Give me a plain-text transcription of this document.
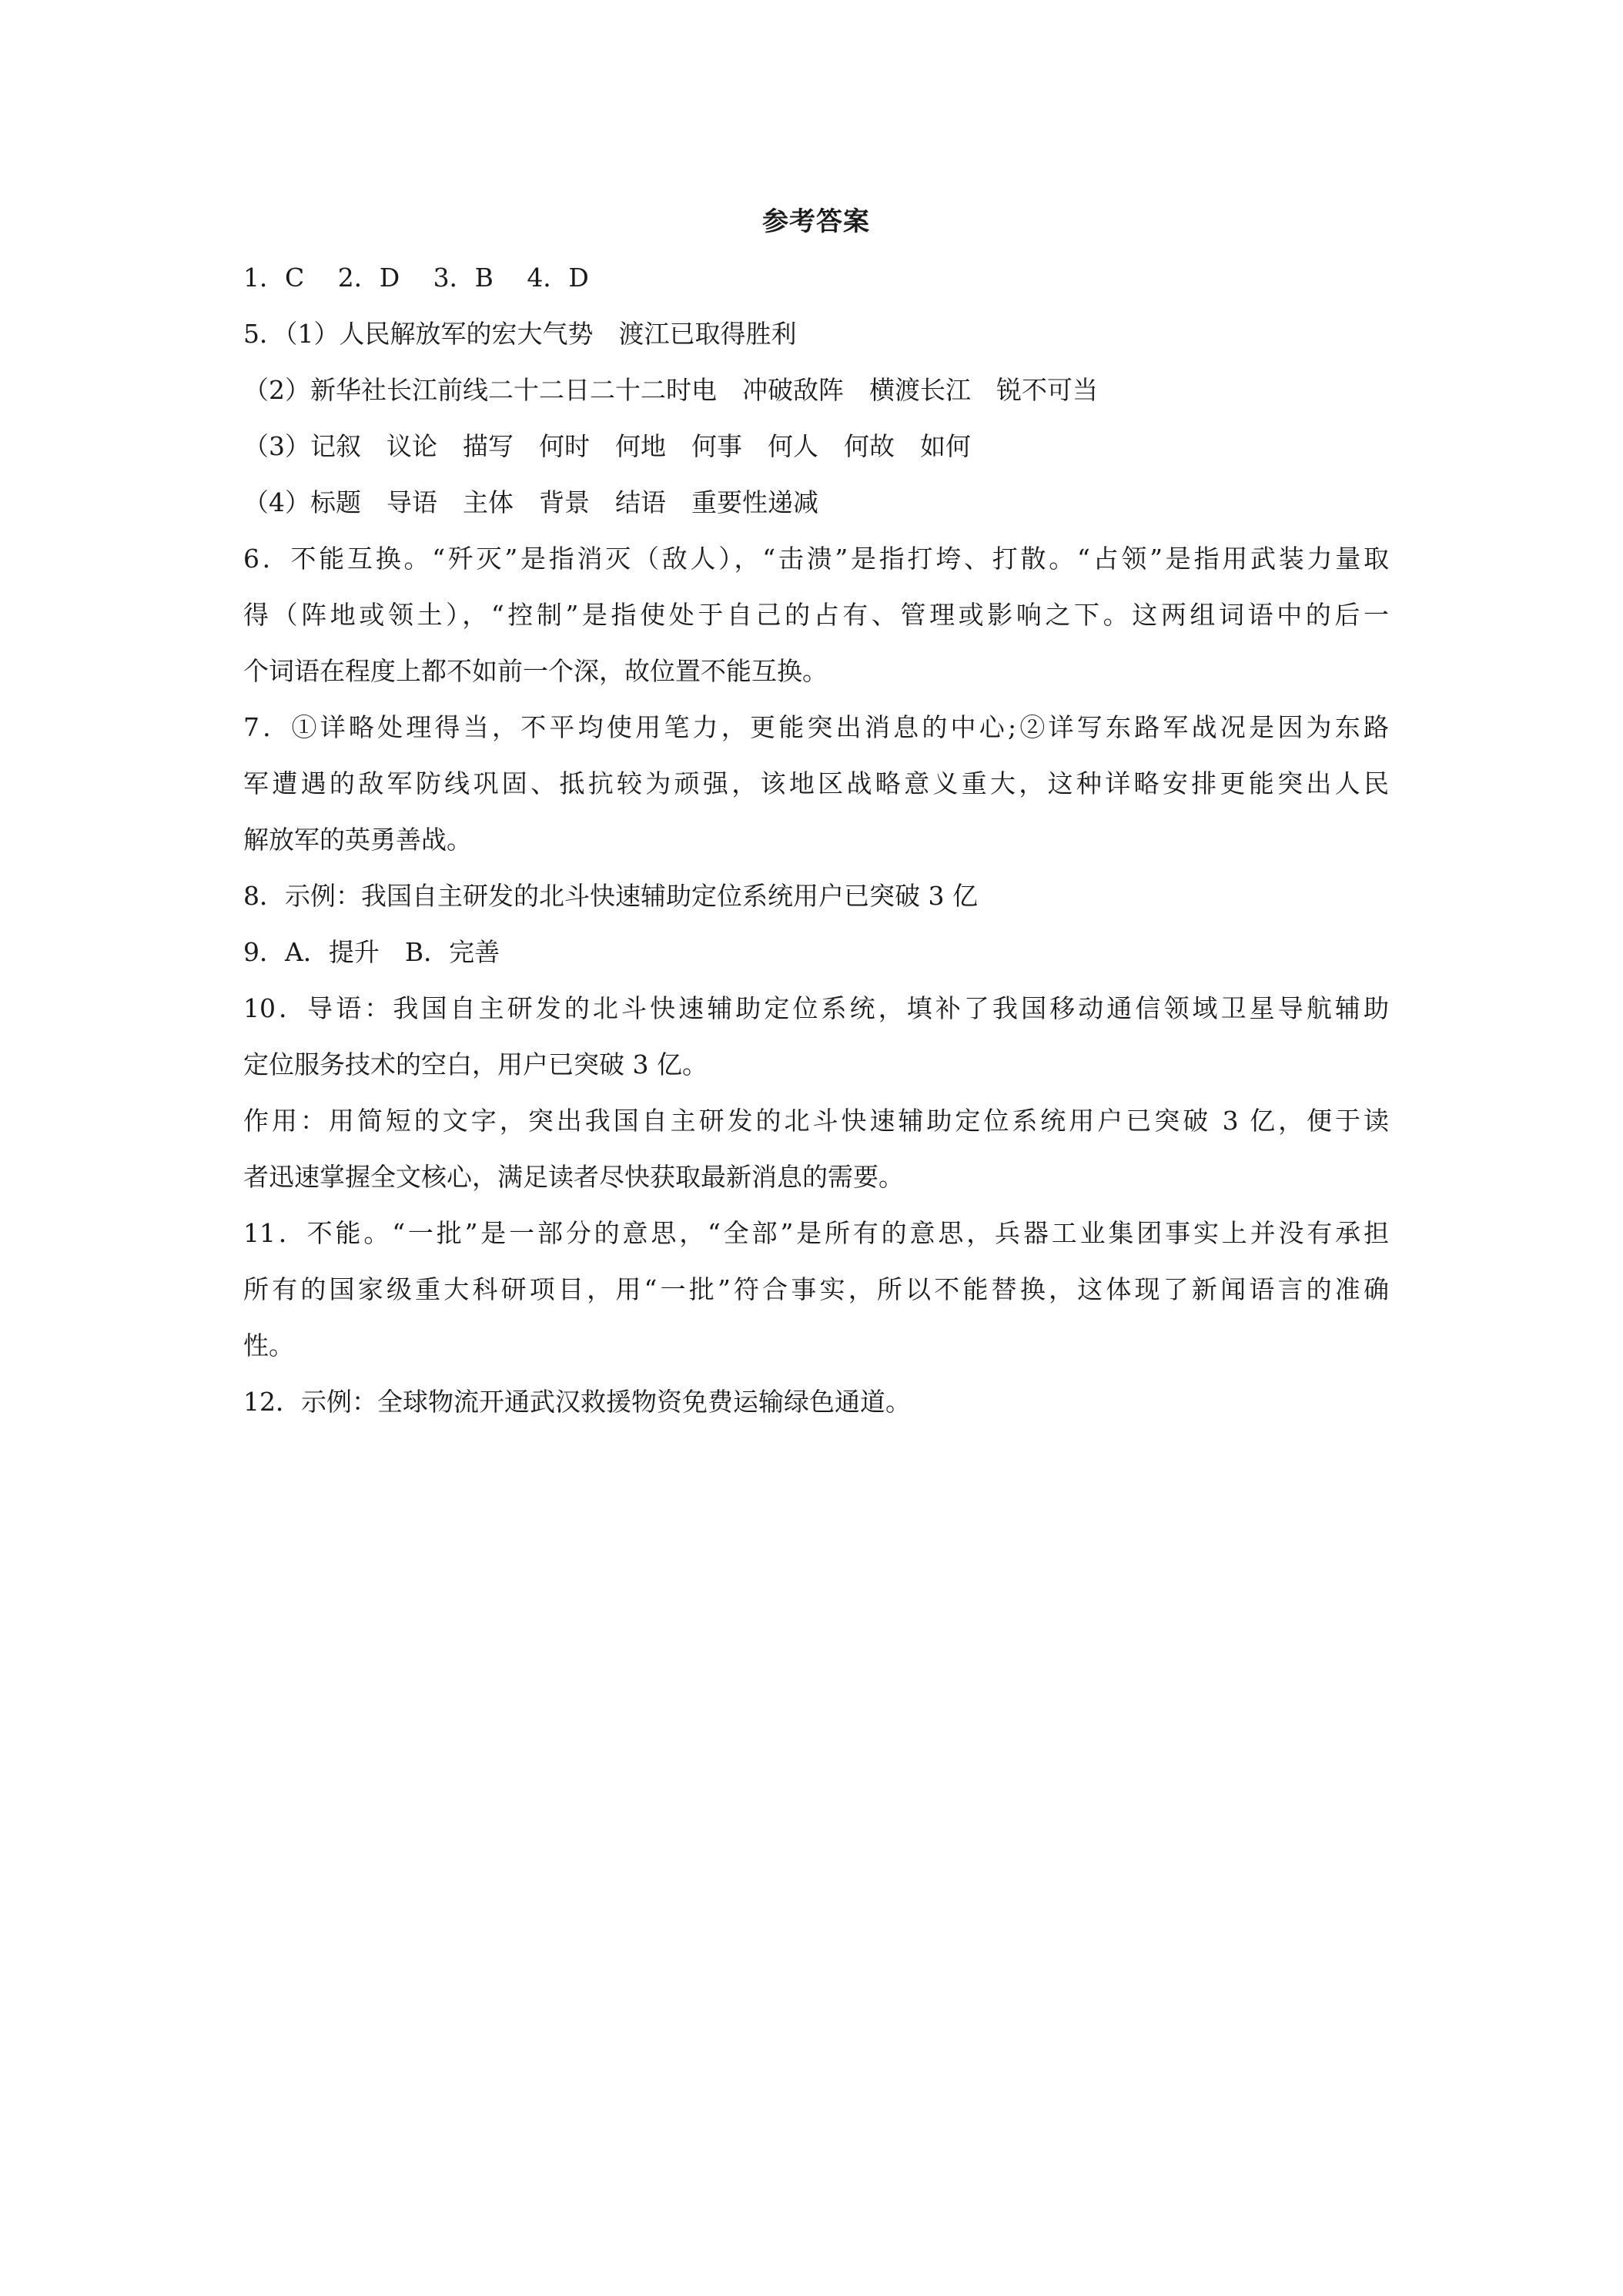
参考答案
1．C　 2．D　 3．B　 4．D
5．（1）人民解放军的宏大气势　渡江已取得胜利
（2）新华社长江前线二十二日二十二时电　冲破敌阵　横渡长江　锐不可当
（3）记叙　议论　描写　何时　何地　何事　何人　何故　如何
（4）标题　导语　主体　背景　结语　重要性递减
6．不能互换。“歼灭”是指消灭（敌人），“击溃”是指打垮、打散。“占领”是指用武装力量取
得（阵地或领土），“控制”是指使处于自己的占有、管理或影响之下。这两组词语中的后一
个词语在程度上都不如前一个深，故位置不能互换。
7．①详略处理得当，不平均使用笔力，更能突出消息的中心;②详写东路军战况是因为东路
军遭遇的敌军防线巩固、抵抗较为顽强，该地区战略意义重大，这种详略安排更能突出人民
解放军的英勇善战。
8．示例：我国自主研发的北斗快速辅助定位系统用户已突破 3 亿
9．A．提升　B．完善
10．导语：我国自主研发的北斗快速辅助定位系统，填补了我国移动通信领域卫星导航辅助
定位服务技术的空白，用户已突破 3 亿。
作用：用简短的文字，突出我国自主研发的北斗快速辅助定位系统用户已突破 3 亿，便于读
者迅速掌握全文核心，满足读者尽快获取最新消息的需要。
11．不能。“一批”是一部分的意思，“全部”是所有的意思，兵器工业集团事实上并没有承担
所有的国家级重大科研项目，用“一批”符合事实，所以不能替换，这体现了新闻语言的准确
性。
12．示例：全球物流开通武汉救援物资免费运输绿色通道。
